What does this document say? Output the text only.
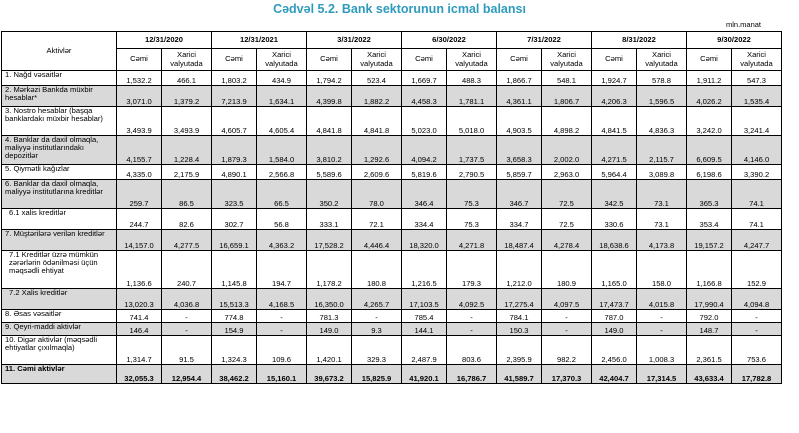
Cədvəl 5.2. Bank sektorunun icmal balansı
mln.manat
Aktivlər	12/31/2020		12/31/2021		3/31/2022		6/30/2022		7/31/2022		8/31/2022		9/30/2022	
	Cəmi	Xarici valyutada	Cəmi	Xarici valyutada	Cəmi	Xarici valyutada	Cəmi	Xarici valyutada	Cəmi	Xarici valyutada	Cəmi	Xarici valyutada	Cəmi	Xarici valyutada
1. Nağd vəsaitlər	1,532.2	466.1	1,803.2	434.9	1,794.2	523.4	1,669.7	488.3	1,866.7	548.1	1,924.7	578.8	1,911.2	547.3
2. Mərkəzi Bankda müxbir hesablar*	3,071.0	1,379.2	7,213.9	1,634.1	4,399.8	1,882.2	4,458.3	1,781.1	4,361.1	1,806.7	4,206.3	1,596.5	4,026.2	1,535.4
3. Nostro hesablar (başqa banklardakı müxbir hesablar)	3,493.9	3,493.9	4,605.7	4,605.4	4,841.8	4,841.8	5,023.0	5,018.0	4,903.5	4,898.2	4,841.5	4,836.3	3,242.0	3,241.4
4. Banklar da daxil olmaqla, maliyyə institutlarındakı depozitlər	4,155.7	1,228.4	1,879.3	1,584.0	3,810.2	1,292.6	4,094.2	1,737.5	3,658.3	2,002.0	4,271.5	2,115.7	6,609.5	4,146.0
5. Qiymətli kağızlar	4,335.0	2,175.9	4,890.1	2,566.8	5,589.6	2,609.6	5,819.6	2,790.5	5,859.7	2,963.0	5,964.4	3,089.8	6,198.6	3,390.2
6. Banklar da daxil olmaqla, maliyyə institutlarına kreditlər	259.7	86.5	323.5	66.5	350.2	78.0	346.4	75.3	346.7	72.5	342.5	73.1	365.3	74.1
6.1 xalis kreditlər	244.7	82.6	302.7	56.8	333.1	72.1	334.4	75.3	334.7	72.5	330.6	73.1	353.4	74.1
7. Müştərilərə verilən kreditlər	14,157.0	4,277.5	16,659.1	4,363.2	17,528.2	4,446.4	18,320.0	4,271.8	18,487.4	4,278.4	18,638.6	4,173.8	19,157.2	4,247.7
7.1 Kreditlər üzrə mümkün zərərlərin ödənilməsi üçün məqsədli ehtiyat	1,136.6	240.7	1,145.8	194.7	1,178.2	180.8	1,216.5	179.3	1,212.0	180.9	1,165.0	158.0	1,166.8	152.9
7.2 Xalis kreditlər	13,020.3	4,036.8	15,513.3	4,168.5	16,350.0	4,265.7	17,103.5	4,092.5	17,275.4	4,097.5	17,473.7	4,015.8	17,990.4	4,094.8
8. Əsas vəsaitlər	741.4	-	774.8	-	781.3	-	785.4	-	784.1	-	787.0	-	792.0	-
9. Qeyri-maddi aktivlər	146.4	-	154.9	-	149.0	9.3	144.1	-	150.3	-	149.0	-	148.7	-
10. Digər aktivlər (məqsədli ehtiyatlar çıxılmaqla)	1,314.7	91.5	1,324.3	109.6	1,420.1	329.3	2,487.9	803.6	2,395.9	982.2	2,456.0	1,008.3	2,361.5	753.6
11. Cəmi aktivlər	32,055.3	12,954.4	38,462.2	15,160.1	39,673.2	15,825.9	41,920.1	16,786.7	41,589.7	17,370.3	42,404.7	17,314.5	43,633.4	17,782.8
